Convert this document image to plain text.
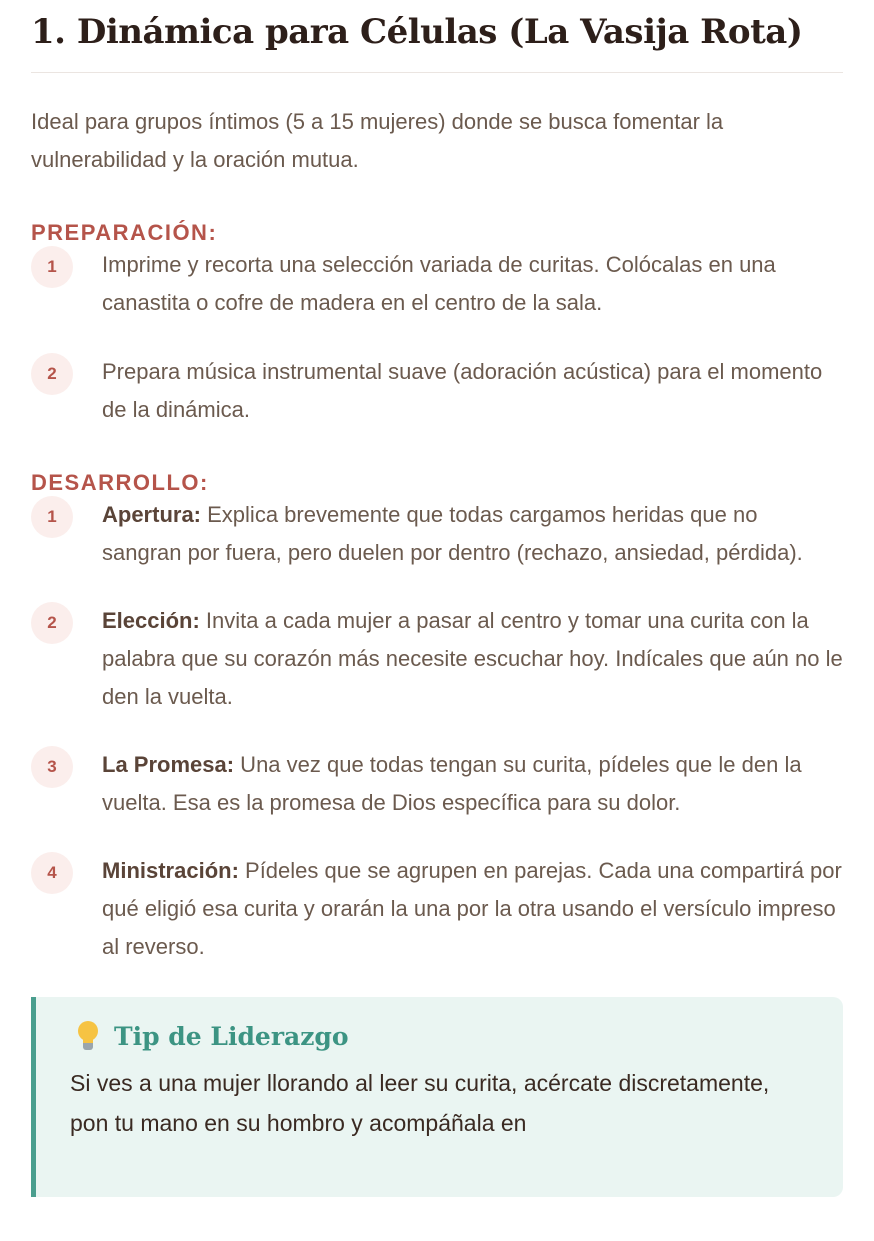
1. Dinámica para Células (La Vasija Rota)

Ideal para grupos íntimos (5 a 15 mujeres) donde se busca fomentar la vulnerabilidad y la oración mutua.

PREPARACIÓN:
1	Imprime y recorta una selección variada de curitas. Colócalas en una canastita o cofre de madera en el centro de la sala.
2	Prepara música instrumental suave (adoración acústica) para el momento de la dinámica.
DESARROLLO:
1	Apertura: Explica brevemente que todas cargamos heridas que no sangran por fuera, pero duelen por dentro (rechazo, ansiedad, pérdida).
2	Elección: Invita a cada mujer a pasar al centro y tomar una curita con la palabra que su corazón más necesite escuchar hoy. Indícales que aún no le den la vuelta.
3	La Promesa: Una vez que todas tengan su curita, pídeles que le den la vuelta. Esa es la promesa de Dios específica para su dolor.
4	Ministración: Pídeles que se agrupen en parejas. Cada una compartirá por qué eligió esa curita y orarán la una por la otra usando el versículo impreso al reverso.
Tip de Liderazgo
Si ves a una mujer llorando al leer su curita, acércate discretamente, pon tu mano en su hombro y acompáñala en
